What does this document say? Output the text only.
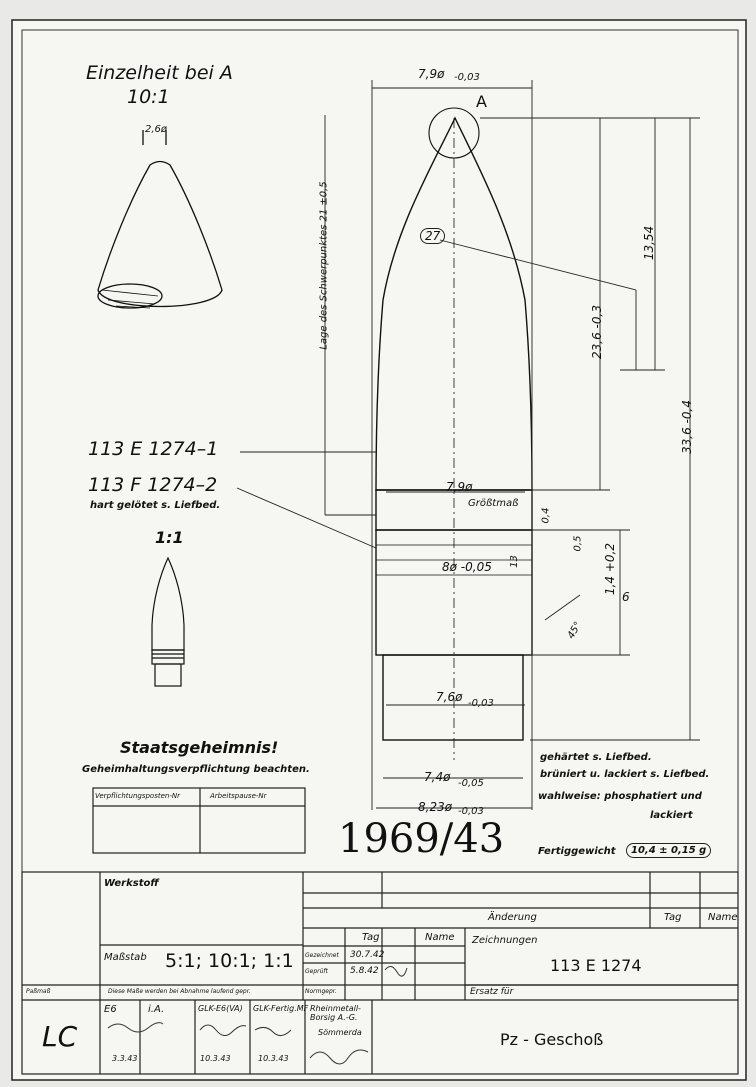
Einzelheit bei A
10:1
2,6ø
A
7,9ø -0,03
27
Lage des Schwerpunktes 21 ±0,5	13,54
23,6 -0,3
33,6 -0,4
7,9ø
Größtmaß
0,4
0,5
8ø -0,05 13	1,4 +0,2
6
45°
7,6ø -0,03
7,4ø -0,05
8,23ø -0,03
113 E 1274–1
113 F 1274–2
hart gelötet s. Liefbed.
1:1
Staatsgeheimnis!
Geheimhaltungsverpflichtung beachten.
Verpflichtungsposten-Nr	Arbeitspause-Nr
1969/43
gehärtet s. Liefbed.
brüniert u. lackiert s. Liefbed.
wahlweise: phosphatiert und
lackiert
Fertiggewicht	10,4 ± 0,15 g
Werkstoff
Änderung	Tag	Name
Tag	Name
Maßstab 5:1; 10:1; 1:1
Zeichnungen
113 E 1274
Gezeichnet 30.7.42
Geprüft 5.8.42
Normgepr.	Ersatz für
Paßmaß	Diese Maße werden bei Abnahme laufend gepr.
LC
E6	i.A.	GLK-E6(VA) GLK-Fertig.MF
3.3.43	10.3.43	10.3.43
Rheinmetall-Borsig A.-G.
Sömmerda	Pz - Geschoß
